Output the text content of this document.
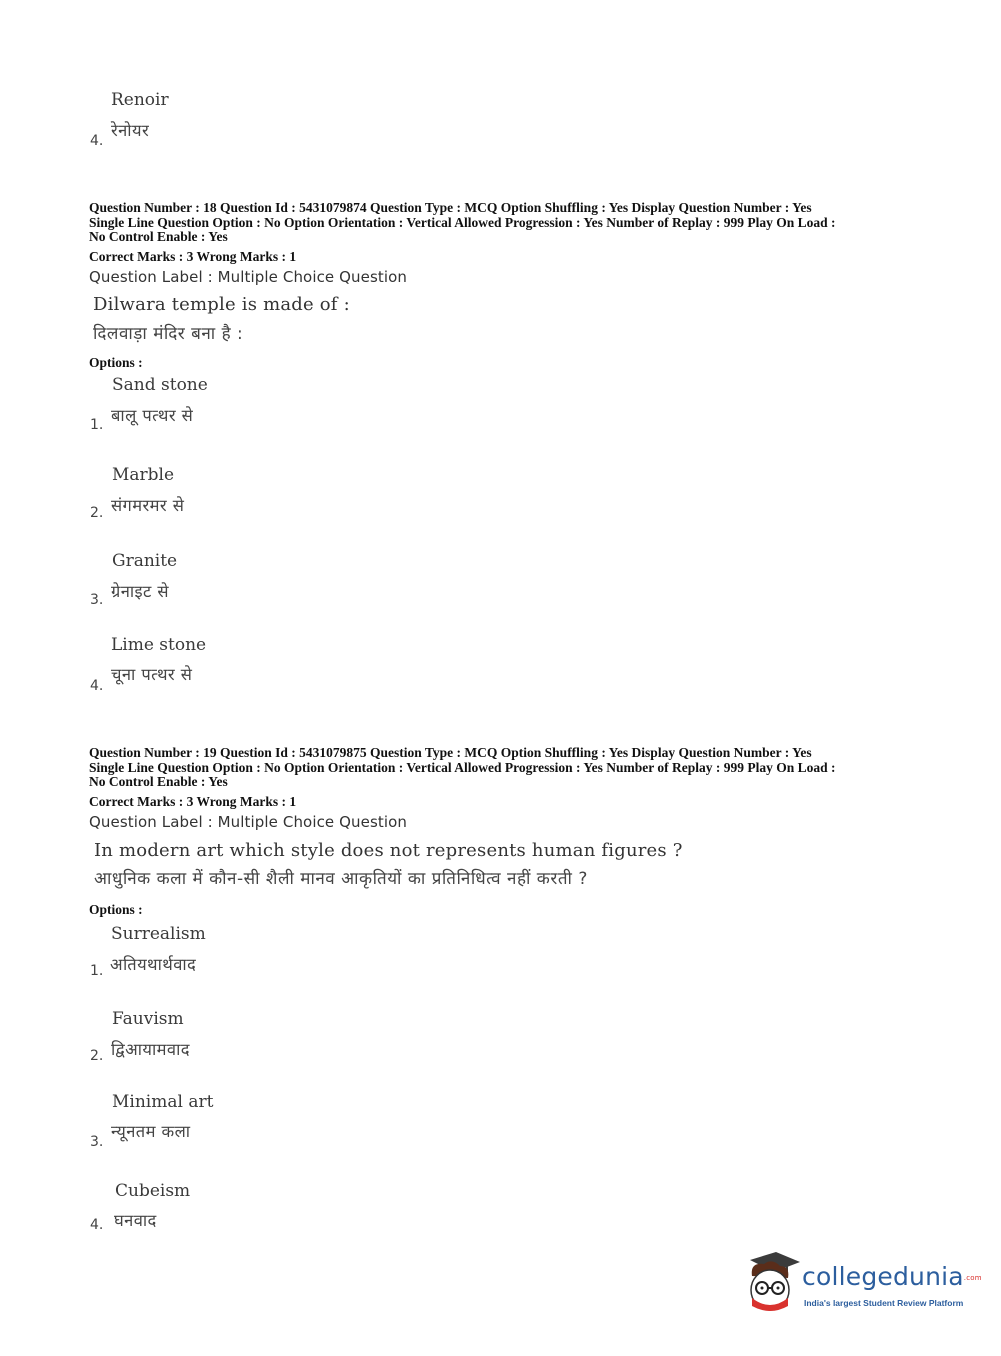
Renoir
रेनोयर
4.
Question Number : 18 Question Id : 5431079874 Question Type : MCQ Option Shuffling : Yes Display Question Number : Yes
Single Line Question Option : No Option Orientation : Vertical Allowed Progression : Yes Number of Replay : 999 Play On Load :
No Control Enable : Yes
Correct Marks : 3 Wrong Marks : 1
Question Label : Multiple Choice Question
Dilwara temple is made of :
दिलवाड़ा मंदिर बना है :
Options :
Sand stone
बालू पत्थर से
1.
Marble
संगमरमर से
2.
Granite
ग्रेनाइट से
3.
Lime stone
चूना पत्थर से
4.
Question Number : 19 Question Id : 5431079875 Question Type : MCQ Option Shuffling : Yes Display Question Number : Yes
Single Line Question Option : No Option Orientation : Vertical Allowed Progression : Yes Number of Replay : 999 Play On Load :
No Control Enable : Yes
Correct Marks : 3 Wrong Marks : 1
Question Label : Multiple Choice Question
In modern art which style does not represents human figures ?
आधुनिक कला में कौन-सी शैली मानव आकृतियों का प्रतिनिधित्व नहीं करती ?
Options :
Surrealism
अतियथार्थवाद
1.
Fauvism
द्विआयामवाद
2.
Minimal art
न्यूनतम कला
3.
Cubeism
घनवाद
4.
collegedunia.com
India's largest Student Review Platform
